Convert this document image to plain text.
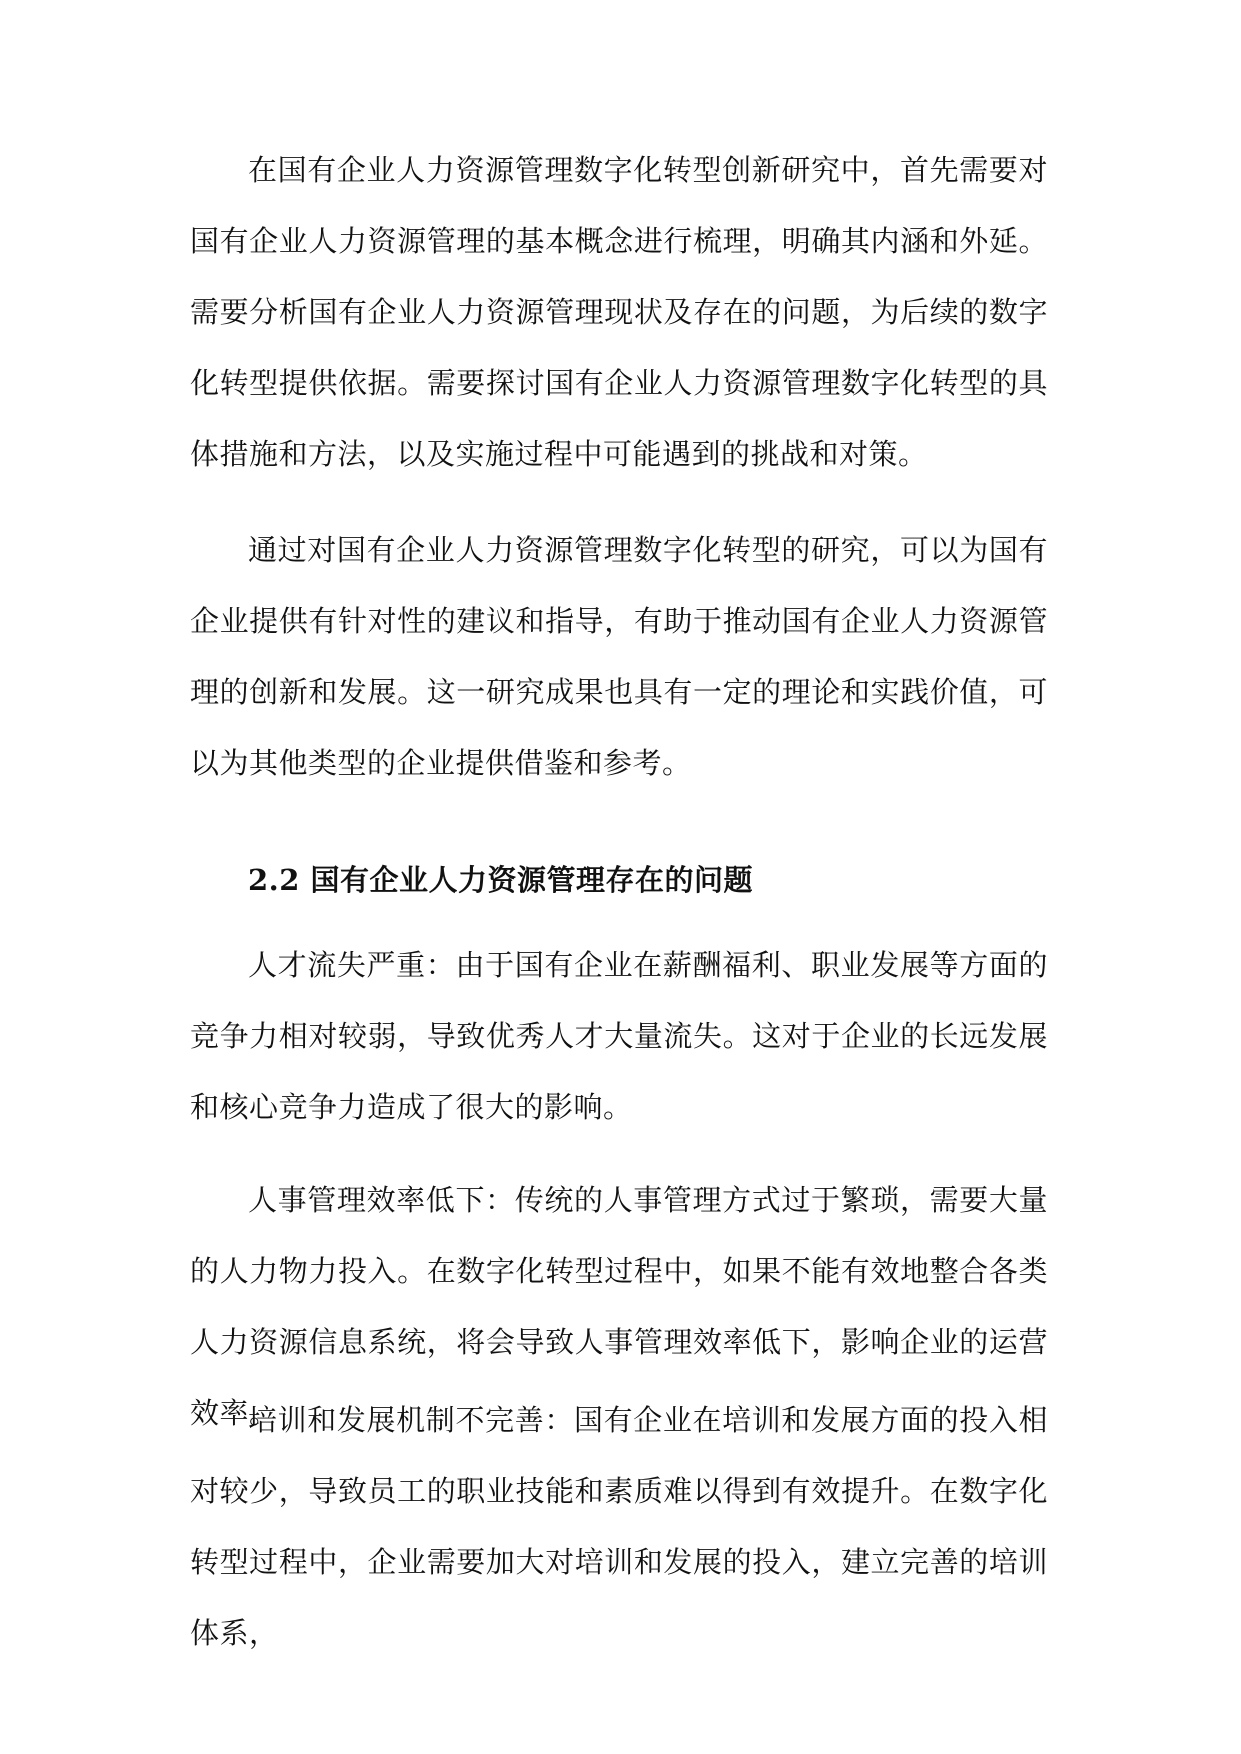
在国有企业人力资源管理数字化转型创新研究中，首先需要对国有企业人力资源管理的基本概念进行梳理，明确其内涵和外延。需要分析国有企业人力资源管理现状及存在的问题，为后续的数字化转型提供依据。需要探讨国有企业人力资源管理数字化转型的具体措施和方法，以及实施过程中可能遇到的挑战和对策。

通过对国有企业人力资源管理数字化转型的研究，可以为国有企业提供有针对性的建议和指导，有助于推动国有企业人力资源管理的创新和发展。这一研究成果也具有一定的理论和实践价值，可以为其他类型的企业提供借鉴和参考。

2.2 国有企业人力资源管理存在的问题

人才流失严重：由于国有企业在薪酬福利、职业发展等方面的竞争力相对较弱，导致优秀人才大量流失。这对于企业的长远发展和核心竞争力造成了很大的影响。

人事管理效率低下：传统的人事管理方式过于繁琐，需要大量的人力物力投入。在数字化转型过程中，如果不能有效地整合各类人力资源信息系统，将会导致人事管理效率低下，影响企业的运营效率。

培训和发展机制不完善：国有企业在培训和发展方面的投入相对较少，导致员工的职业技能和素质难以得到有效提升。在数字化转型过程中，企业需要加大对培训和发展的投入，建立完善的培训体系，
